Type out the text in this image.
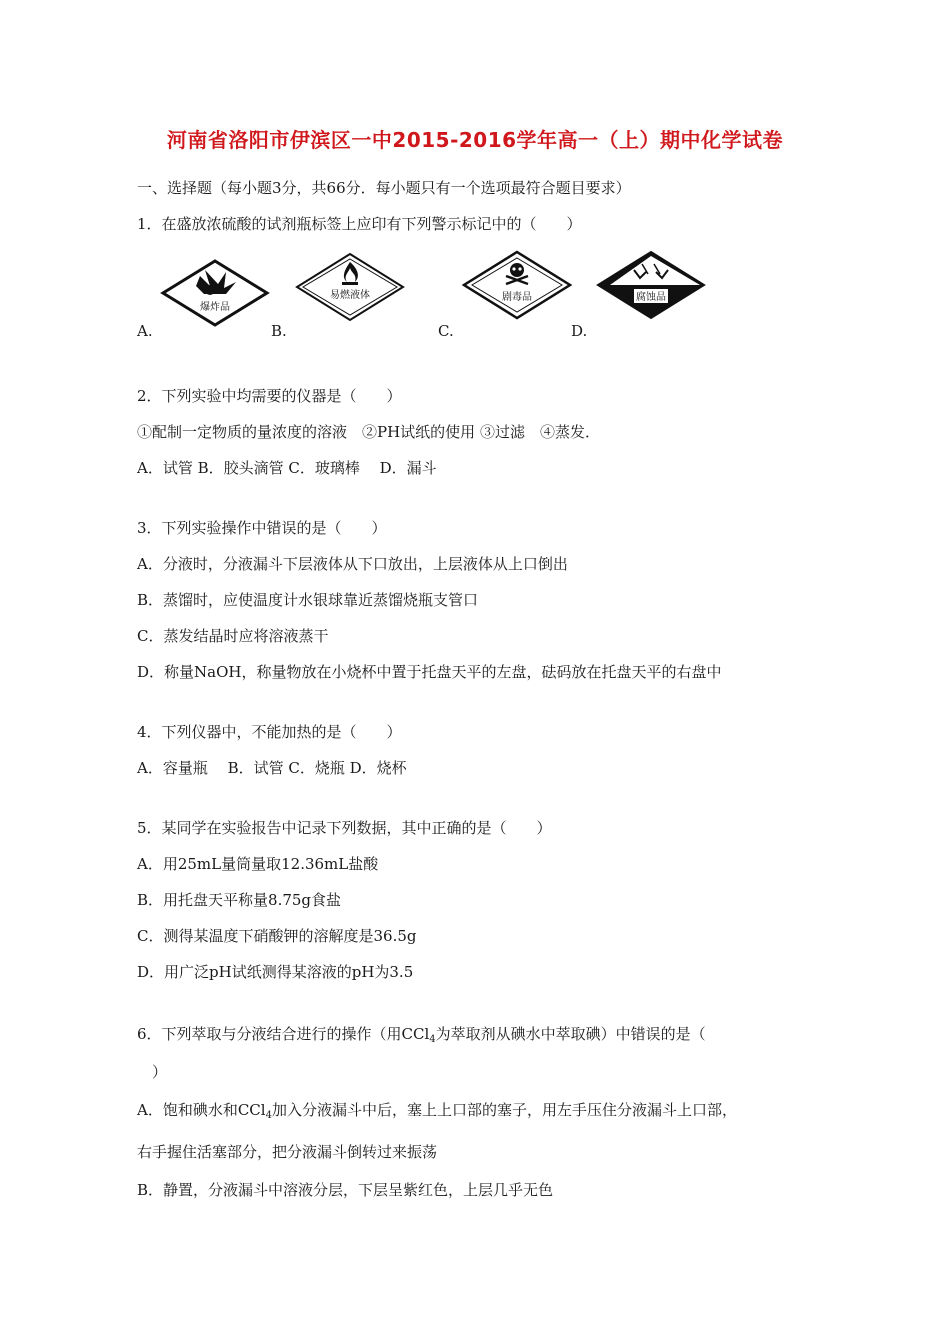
河南省洛阳市伊滨区一中2015-2016学年高一（上）期中化学试卷
一、选择题（每小题3分，共66分．每小题只有一个选项最符合题目要求）
1．在盛放浓硫酸的试剂瓶标签上应印有下列警示标记中的（　　）
爆炸品
易燃液体	剧毒品	腐蚀品
A.	B.	C.	D.
2．下列实验中均需要的仪器是（　　）
①配制一定物质的量浓度的溶液　②PH试纸的使用 ③过滤　④蒸发．
A．试管 B．胶头滴管 C．玻璃棒　 D．漏斗
3．下列实验操作中错误的是（　　）
A．分液时，分液漏斗下层液体从下口放出，上层液体从上口倒出
B．蒸馏时，应使温度计水银球靠近蒸馏烧瓶支管口
C．蒸发结晶时应将溶液蒸干
D．称量NaOH，称量物放在小烧杯中置于托盘天平的左盘，砝码放在托盘天平的右盘中
4．下列仪器中，不能加热的是（　　）
A．容量瓶　 B．试管 C．烧瓶 D．烧杯
5．某同学在实验报告中记录下列数据，其中正确的是（　　）
A．用25mL量筒量取12.36mL盐酸
B．用托盘天平称量8.75g食盐
C．测得某温度下硝酸钾的溶解度是36.5g
D．用广泛pH试纸测得某溶液的pH为3.5
6．下列萃取与分液结合进行的操作（用CCl$_4$为萃取剂从碘水中萃取碘）中错误的是（
　）
A．饱和碘水和CCl$_4$加入分液漏斗中后，塞上上口部的塞子，用左手压住分液漏斗上口部，
右手握住活塞部分，把分液漏斗倒转过来振荡
B．静置，分液漏斗中溶液分层，下层呈紫红色，上层几乎无色
